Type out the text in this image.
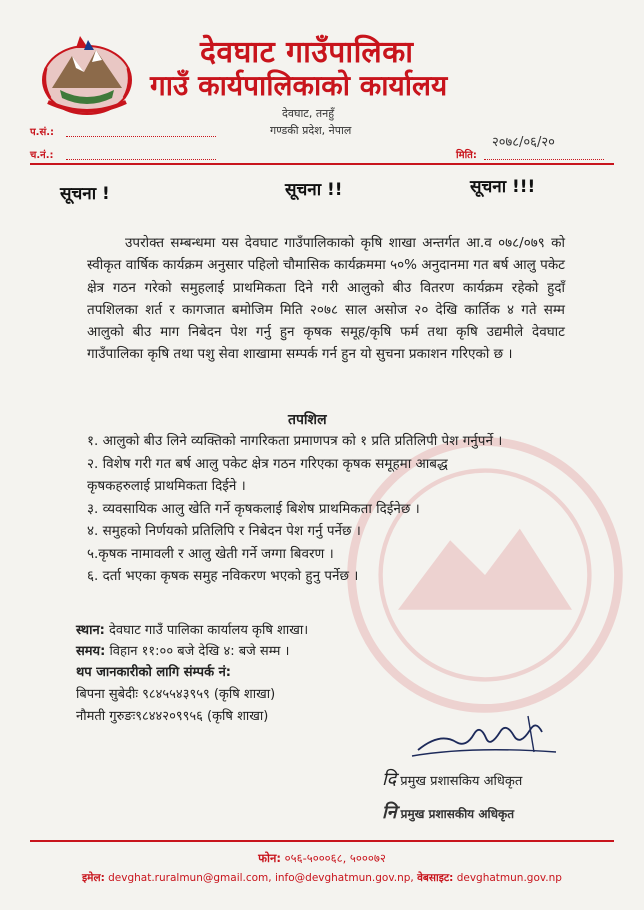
देवघाट गाउँपालिका
गाउँ कार्यपालिकाको कार्यालय
देवघाट, तनहुँ
गण्डकी प्रदेश, नेपाल
प.सं.:
च.नं.:
२०७८/०६/२०
मिति:
सूचना !	सूचना !!	सूचना !!!
उपरोक्त सम्बन्धमा यस देवघाट गाउँपालिकाको कृषि शाखा अन्तर्गत आ.व ०७८/०७९ को स्वीकृत वार्षिक कार्यक्रम अनुसार पहिलो चौमासिक कार्यक्रममा ५०% अनुदानमा गत बर्ष आलु पकेट क्षेत्र गठन गरेको समुहलाई प्राथमिकता दिने गरी आलुको बीउ वितरण कार्यक्रम रहेको हुदाँ तपशिलका शर्त र कागजात बमोजिम मिति २०७८ साल असोज २० देखि कार्तिक ४ गते सम्म आलुको बीउ माग निबेदन पेश गर्नु हुन कृषक समूह/कृषि फर्म तथा कृषि उद्यमीले देवघाट गाउँपालिका कृषि तथा पशु सेवा शाखामा सम्पर्क गर्न हुन यो सुचना प्रकाशन गरिएको छ ।
तपशिल
१. आलुको बीउ लिने व्यक्तिको नागरिकता प्रमाणपत्र को १ प्रति प्रतिलिपी पेश गर्नुपर्ने ।
२. विशेष गरी गत बर्ष आलु पकेट क्षेत्र गठन गरिएका कृषक समूहमा आबद्ध
कृषकहरुलाई प्राथमिकता दिईने ।
३. व्यवसायिक आलु खेति गर्ने कृषकलाई बिशेष प्राथमिकता दिईनेछ ।
४. समुहको निर्णयको प्रतिलिपि र निबेदन पेश गर्नु पर्नेछ ।
५.कृषक नामावली र आलु खेती गर्ने जग्गा बिवरण ।
६. दर्ता भएका कृषक समुह नविकरण भएको हुनु पर्नेछ ।
स्थान: देवघाट गाउँ पालिका कार्यालय कृषि शाखा।
समय: विहान ११:०० बजे देखि ४: बजे सम्म ।
थप जानकारीको लागि संम्पर्क नं:
बिपना सुबेदीः ९८४५५४३९५९ (कृषि शाखा)
नौमती गुरुङः९८४४२०९९५६ (कृषि शाखा)
दि प्रमुख प्रशासकिय अधिकृत
निप्रमुख प्रशासकीय अधिकृत
फोन: ०५६-५०००६८, ५०००७२
इमेल: devghat.ruralmun@gmail.com, info@devghatmun.gov.np, वेबसाइट: devghatmun.gov.np
